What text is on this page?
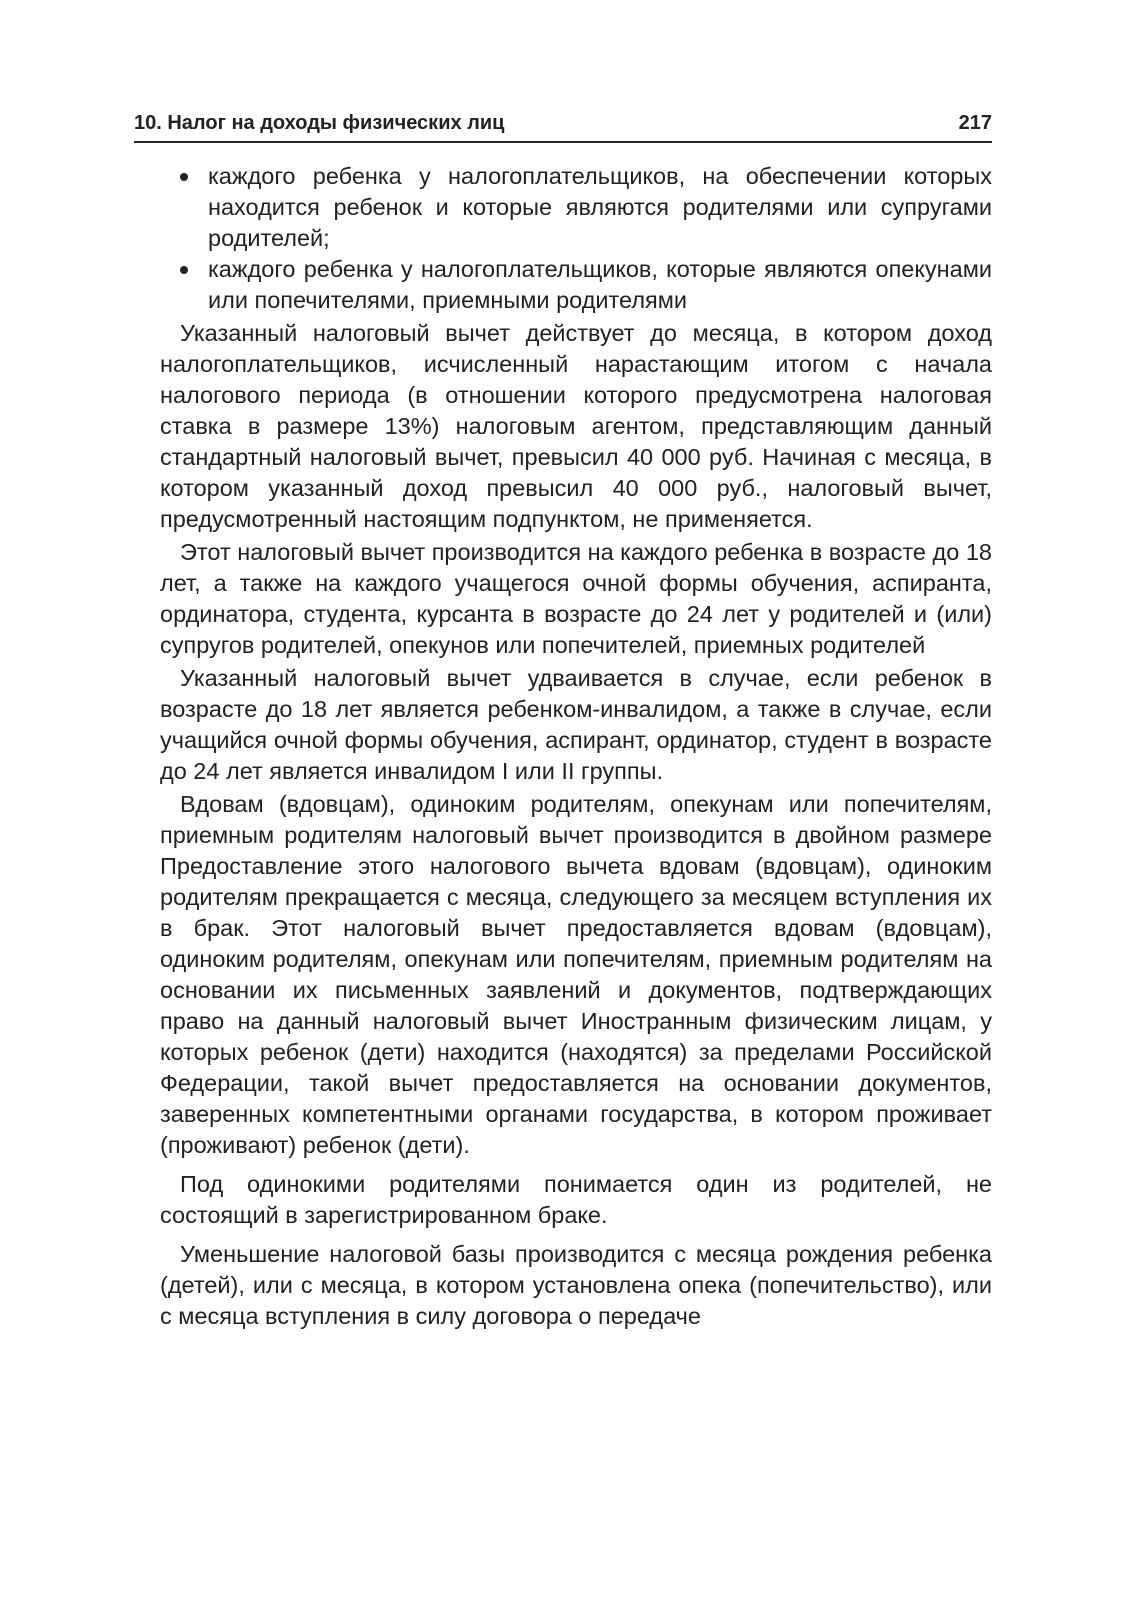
10. Налог на доходы физических лиц	217
каждого ребенка у налогоплательщиков, на обеспечении которых находится ребенок и которые являются родителями или супругами родителей;
каждого ребенка у налогоплательщиков, которые являются опекунами или попечителями, приемными родителями

Указанный налоговый вычет действует до месяца, в котором доход налогоплательщиков, исчисленный нарастающим итогом с начала налогового периода (в отношении которого предусмотрена налоговая ставка в размере 13%) налоговым агентом, представляющим данный стандартный налоговый вычет, превысил 40 000 руб. Начиная с месяца, в котором указанный доход превысил 40 000 руб., налоговый вычет, предусмотренный настоящим подпунктом, не применяется.

Этот налоговый вычет производится на каждого ребенка в возрасте до 18 лет, а также на каждого учащегося очной формы обучения, аспиранта, ординатора, студента, курсанта в возрасте до 24 лет у родителей и (или) супругов родителей, опекунов или попечителей, приемных родителей

Указанный налоговый вычет удваивается в случае, если ребенок в возрасте до 18 лет является ребенком-инвалидом, а также в случае, если учащийся очной формы обучения, аспирант, ординатор, студент в возрасте до 24 лет является инвалидом I или II группы.

Вдовам (вдовцам), одиноким родителям, опекунам или попечителям, приемным родителям налоговый вычет производится в двойном размере Предоставление этого налогового вычета вдовам (вдовцам), одиноким родителям прекращается с месяца, следующего за месяцем вступления их в брак. Этот налоговый вычет предоставляется вдовам (вдовцам), одиноким родителям, опекунам или попечителям, приемным родителям на основании их письменных заявлений и документов, подтверждающих право на данный налоговый вычет Иностранным физическим лицам, у которых ребенок (дети) находится (находятся) за пределами Российской Федерации, такой вычет предоставляется на основании документов, заверенных компетентными органами государства, в котором проживает (проживают) ребенок (дети).

Под одинокими родителями понимается один из родителей, не состоящий в зарегистрированном браке.

Уменьшение налоговой базы производится с месяца рождения ребенка (детей), или с месяца, в котором установлена опека (попечительство), или с месяца вступления в силу договора о передаче
